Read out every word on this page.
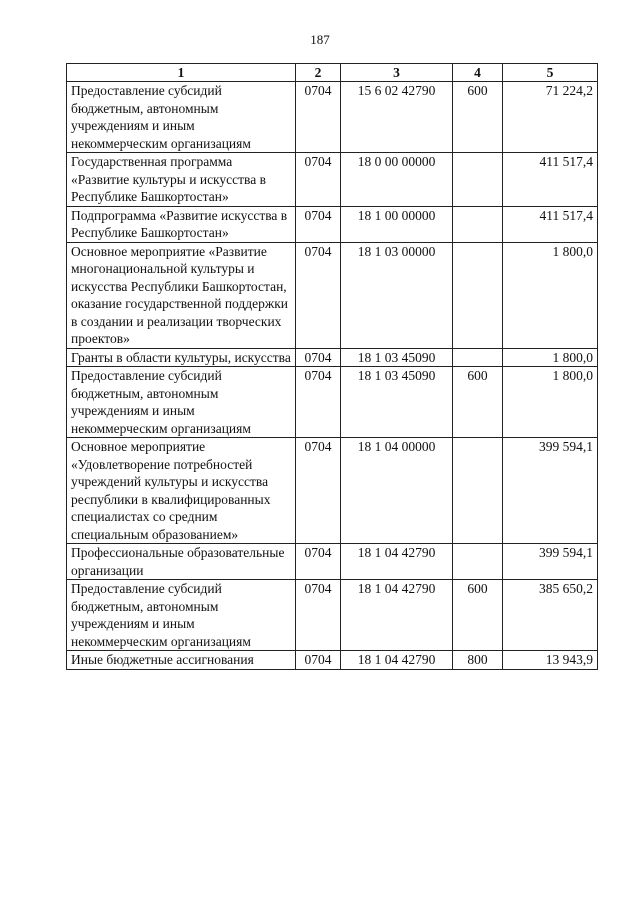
187
1	2	3	4	5
Предоставление субсидий бюджетным, автономным учреждениям и иным некоммерческим организациям	0704	15 6 02 42790	600	71 224,2
Государственная программа «Развитие культуры и искусства в Республике Башкортостан»	0704	18 0 00 00000		411 517,4
Подпрограмма «Развитие искусства в Республике Башкортостан»	0704	18 1 00 00000		411 517,4
Основное мероприятие «Развитие многонациональной культуры и искусства Республики Башкортостан, оказание государственной поддержки в создании и реализации творческих проектов»	0704	18 1 03 00000		1 800,0
Гранты в области культуры, искусства	0704	18 1 03 45090		1 800,0
Предоставление субсидий бюджетным, автономным учреждениям и иным некоммерческим организациям	0704	18 1 03 45090	600	1 800,0
Основное мероприятие «Удовлетворение потребностей учреждений культуры и искусства республики в квалифицированных специалистах со средним специальным образованием»	0704	18 1 04 00000		399 594,1
Профессиональные образовательные организации	0704	18 1 04 42790		399 594,1
Предоставление субсидий бюджетным, автономным учреждениям и иным некоммерческим организациям	0704	18 1 04 42790	600	385 650,2
Иные бюджетные ассигнования	0704	18 1 04 42790	800	13 943,9
